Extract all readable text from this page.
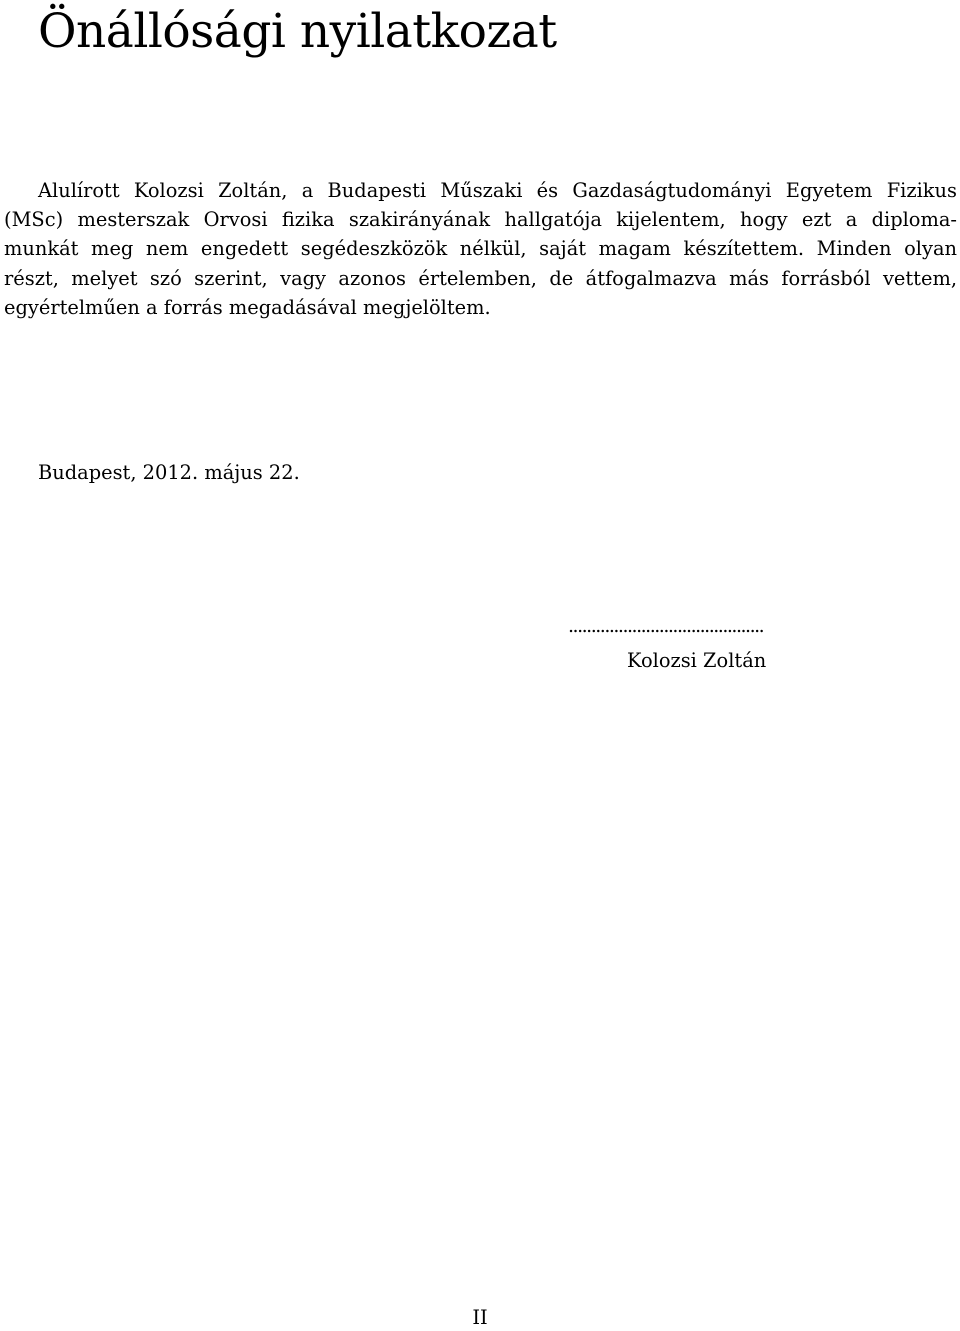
Önállósági nyilatkozat

Alulírott Kolozsi Zoltán, a Budapesti Műszaki és Gazdaságtudományi Egyetem Fizikus
(MSc) mesterszak Orvosi fizika szakirányának hallgatója kijelentem, hogy ezt a diploma-
munkát meg nem engedett segédeszközök nélkül, saját magam készítettem. Minden olyan
részt, melyet szó szerint, vagy azonos értelemben, de átfogalmazva más forrásból vettem,
egyértelműen a forrás megadásával megjelöltem.

Budapest, 2012. május 22.

...........................................

Kolozsi Zoltán

II
